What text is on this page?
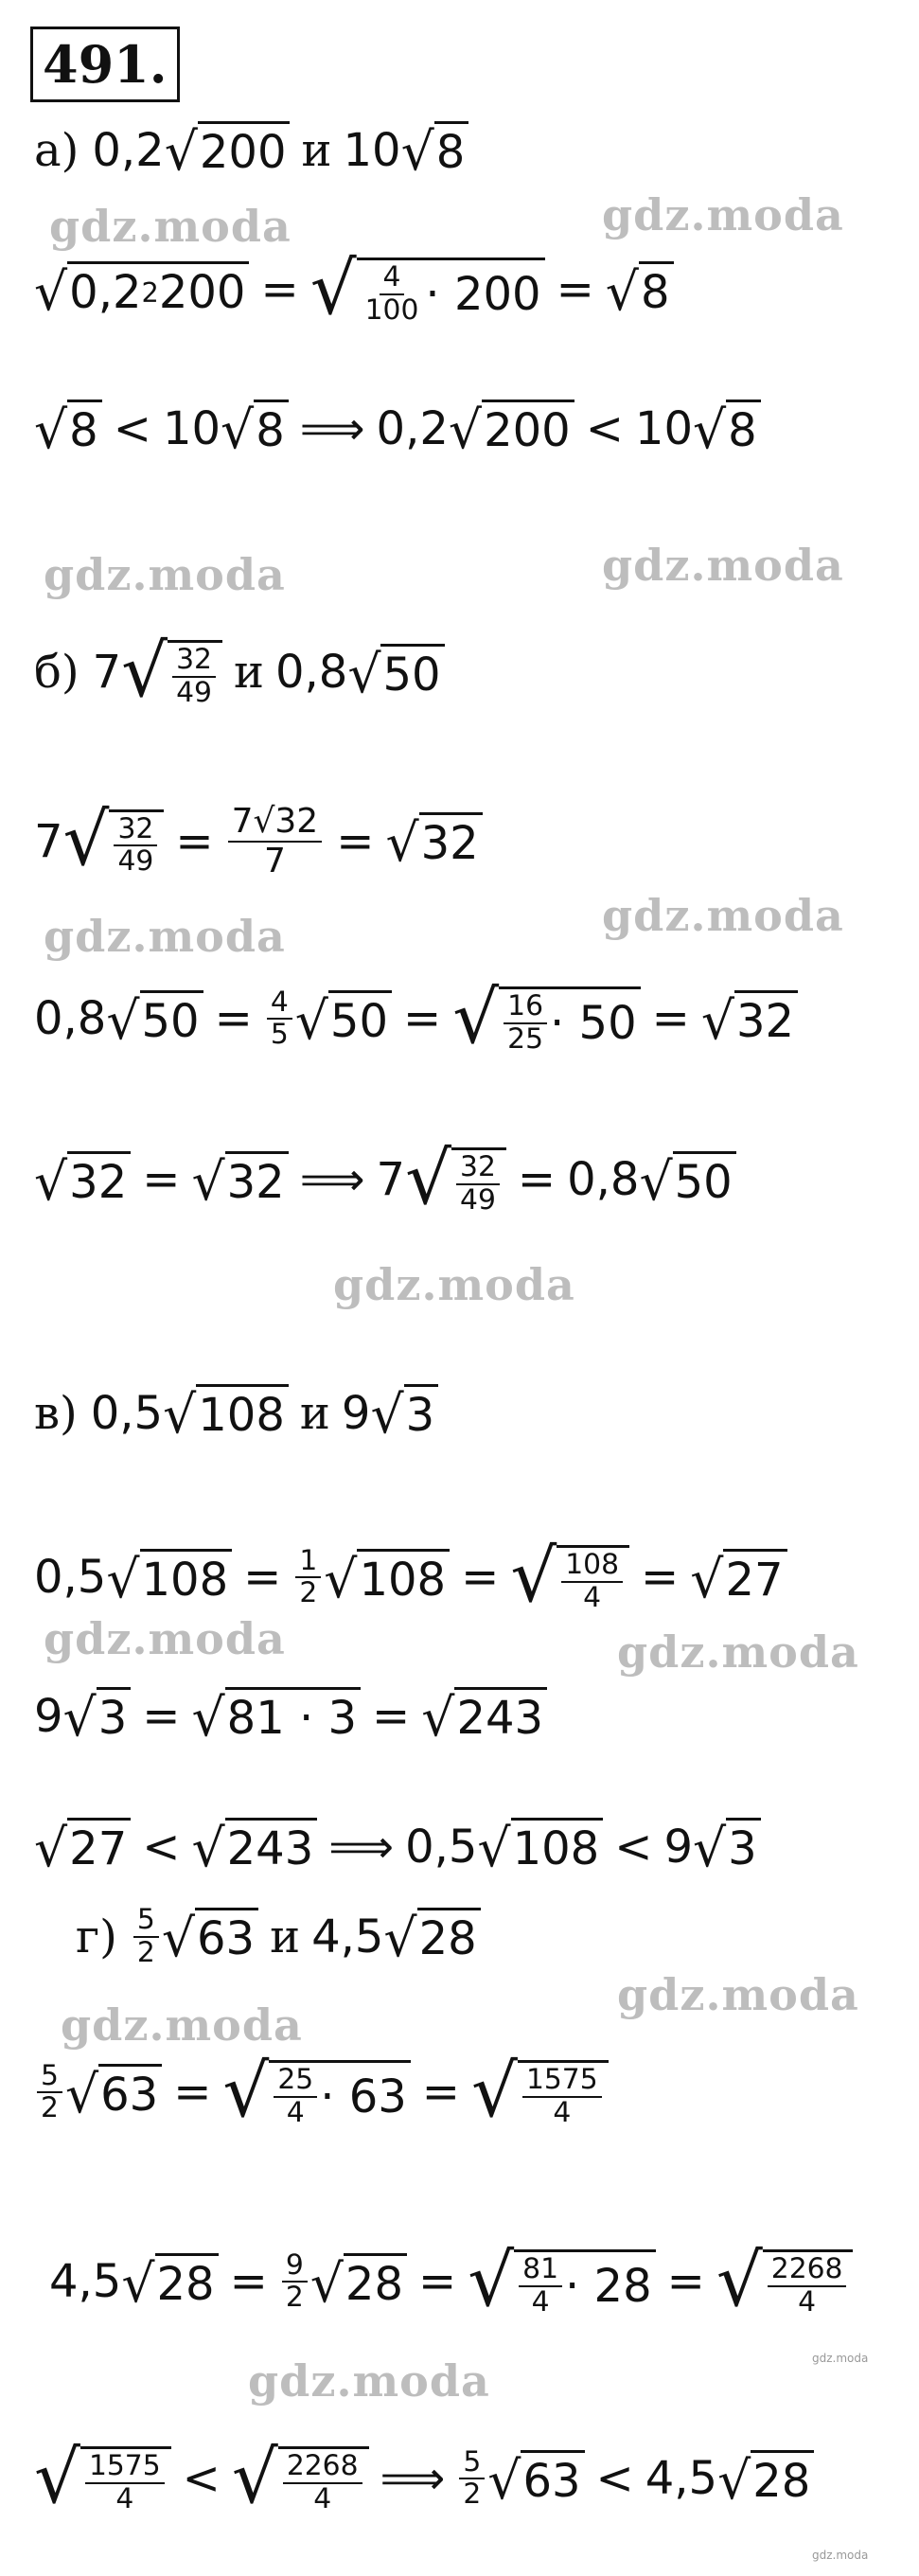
491.
gdz.moda	gdz.moda
gdz.moda	gdz.moda
gdz.moda	gdz.moda
gdz.moda
gdz.moda	gdz.moda
gdz.moda
gdz.moda
gdz.moda	gdz.moda
gdz.moda
а) 0,2 √ 200 и 10 √ 8
√ 0,2 2 200 = √ $\frac{4}{100} \cdot 200$ = √ 8
√ 8 < 10 √ 8 ⟹ 0,2 √ 200 < 10 √ 8
б) 7 √ $\frac{32}{49}$ и 0,8 √ 50
7 √ $\frac{32}{49} = \frac{7√32}{7}$ = √ 32
0,8 √ $50 = \frac{4}{5}$ √ 50 = √ $\frac{16}{25} \cdot 50$ = √ 32
√ 32 = √ 32 ⟹ 7 √ $\frac{32}{49} = 0,8$ √ 50
в) 0,5 √ 108 и 9 √ 3
0,5 √ $108 = \frac{1}{2}$ √ 108 = √ $\frac{108}{4}$ = √ 27
9 √ 3 = √ 81 · 3 = √ 243
√ 27 < √ 243 ⟹ 0,5 √ 108 < 9 √ 3
$г) \frac{5}{2}$ √ 63 и 4,5 √ 28
$\frac{5}{2}$ √ 63 = √ $\frac{25}{4} \cdot 63$ = √ $\frac{1575}{4}$
4,5 √ $28 = \frac{9}{2}$ √ 28 = √ $\frac{81}{4} \cdot 28$ = √ $\frac{2268}{4}$
√ $\frac{1575}{4}$ < √ $\frac{2268}{4}$ ⟹ $\frac{5}{2}$ √ 63 < 4,5 √ 28
